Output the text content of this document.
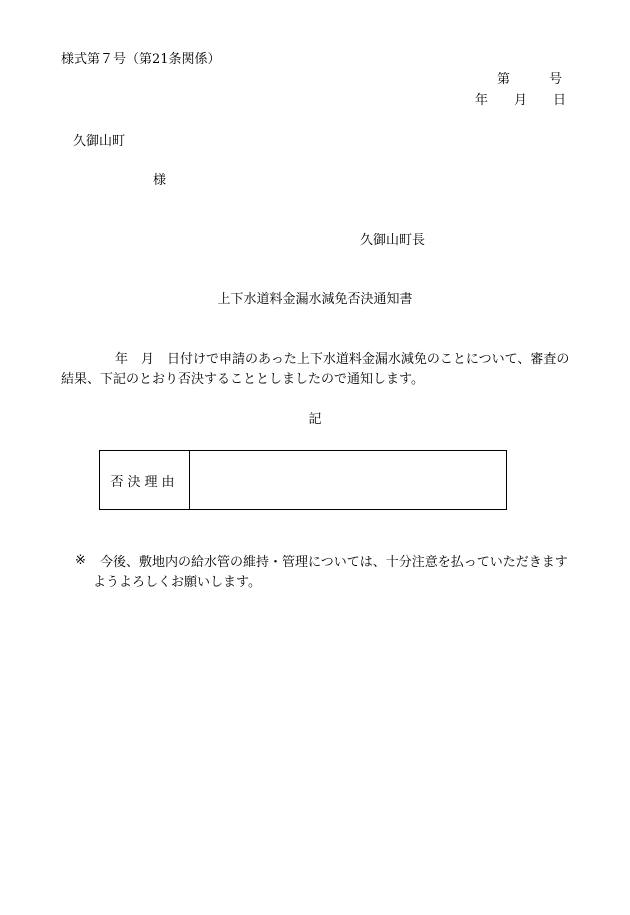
様式第７号（第21条関係）
第　　　号
年　　月　　日
久御山町
様
久御山町長
上下水道料金漏水減免否決通知書
年　月　日付けで申請のあった上下水道料金漏水減免のことについて、審査の結果、下記のとおり否決することとしましたので通知します。
記
否決理由
※	今後、敷地内の給水管の維持・管理については、十分注意を払っていただきますようよろしくお願いします。
